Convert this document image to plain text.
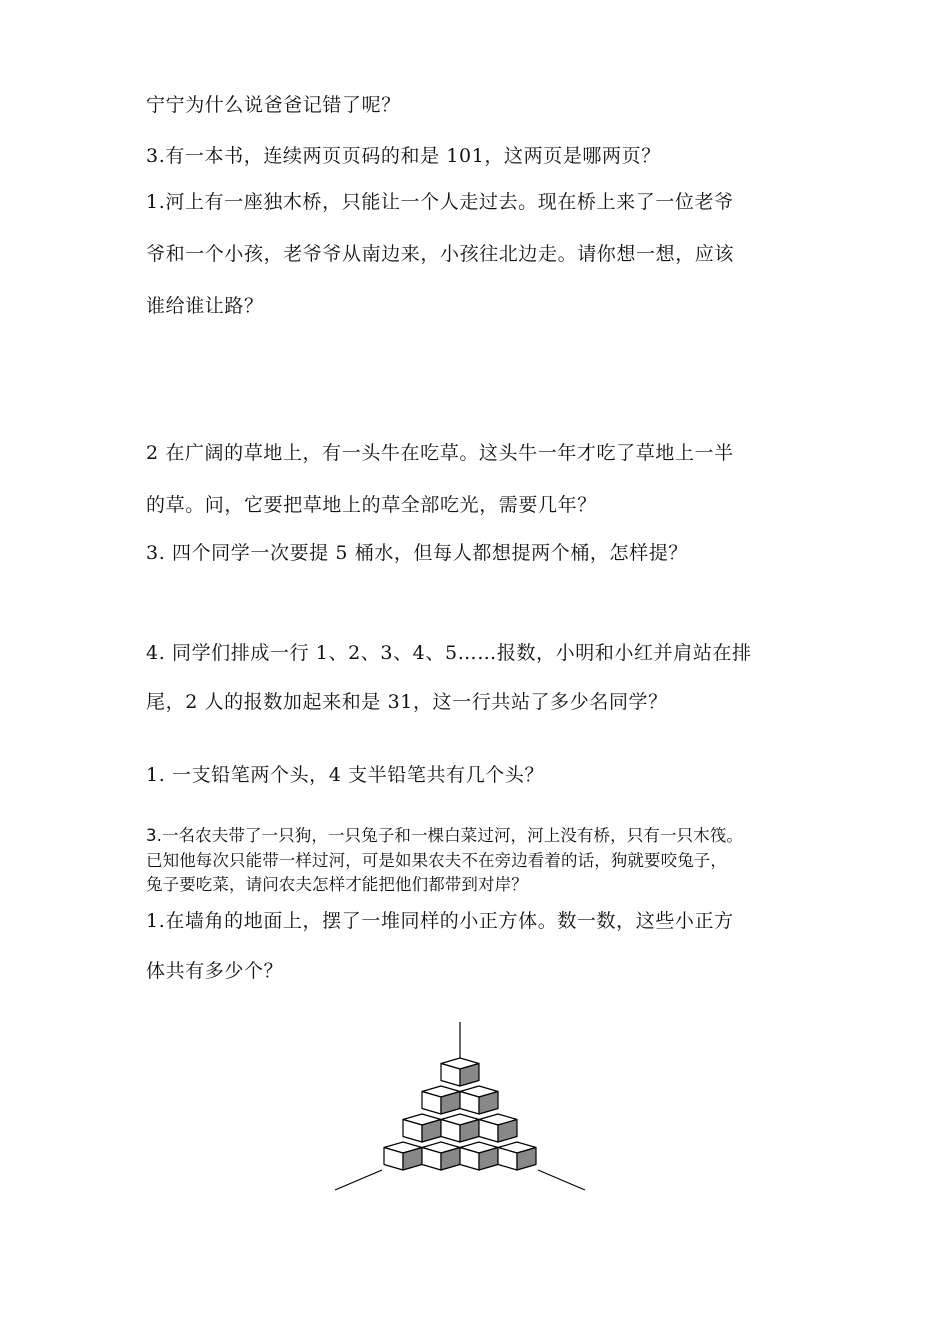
宁宁为什么说爸爸记错了呢？
3.有一本书，连续两页页码的和是 101，这两页是哪两页？
1.河上有一座独木桥，只能让一个人走过去。现在桥上来了一位老爷
爷和一个小孩，老爷爷从南边来，小孩往北边走。请你想一想，应该
谁给谁让路？
2 在广阔的草地上，有一头牛在吃草。这头牛一年才吃了草地上一半
的草。问，它要把草地上的草全部吃光，需要几年？
3. 四个同学一次要提 5 桶水，但每人都想提两个桶，怎样提？
4. 同学们排成一行 1、2、3、4、5……报数，小明和小红并肩站在排
尾，2 人的报数加起来和是 31，这一行共站了多少名同学？
1. 一支铅笔两个头，4 支半铅笔共有几个头？
3.一名农夫带了一只狗，一只兔子和一棵白菜过河，河上没有桥，只有一只木筏。
已知他每次只能带一样过河，可是如果农夫不在旁边看着的话，狗就要咬兔子，
兔子要吃菜，请问农夫怎样才能把他们都带到对岸？
1.在墙角的地面上，摆了一堆同样的小正方体。数一数，这些小正方
体共有多少个？
